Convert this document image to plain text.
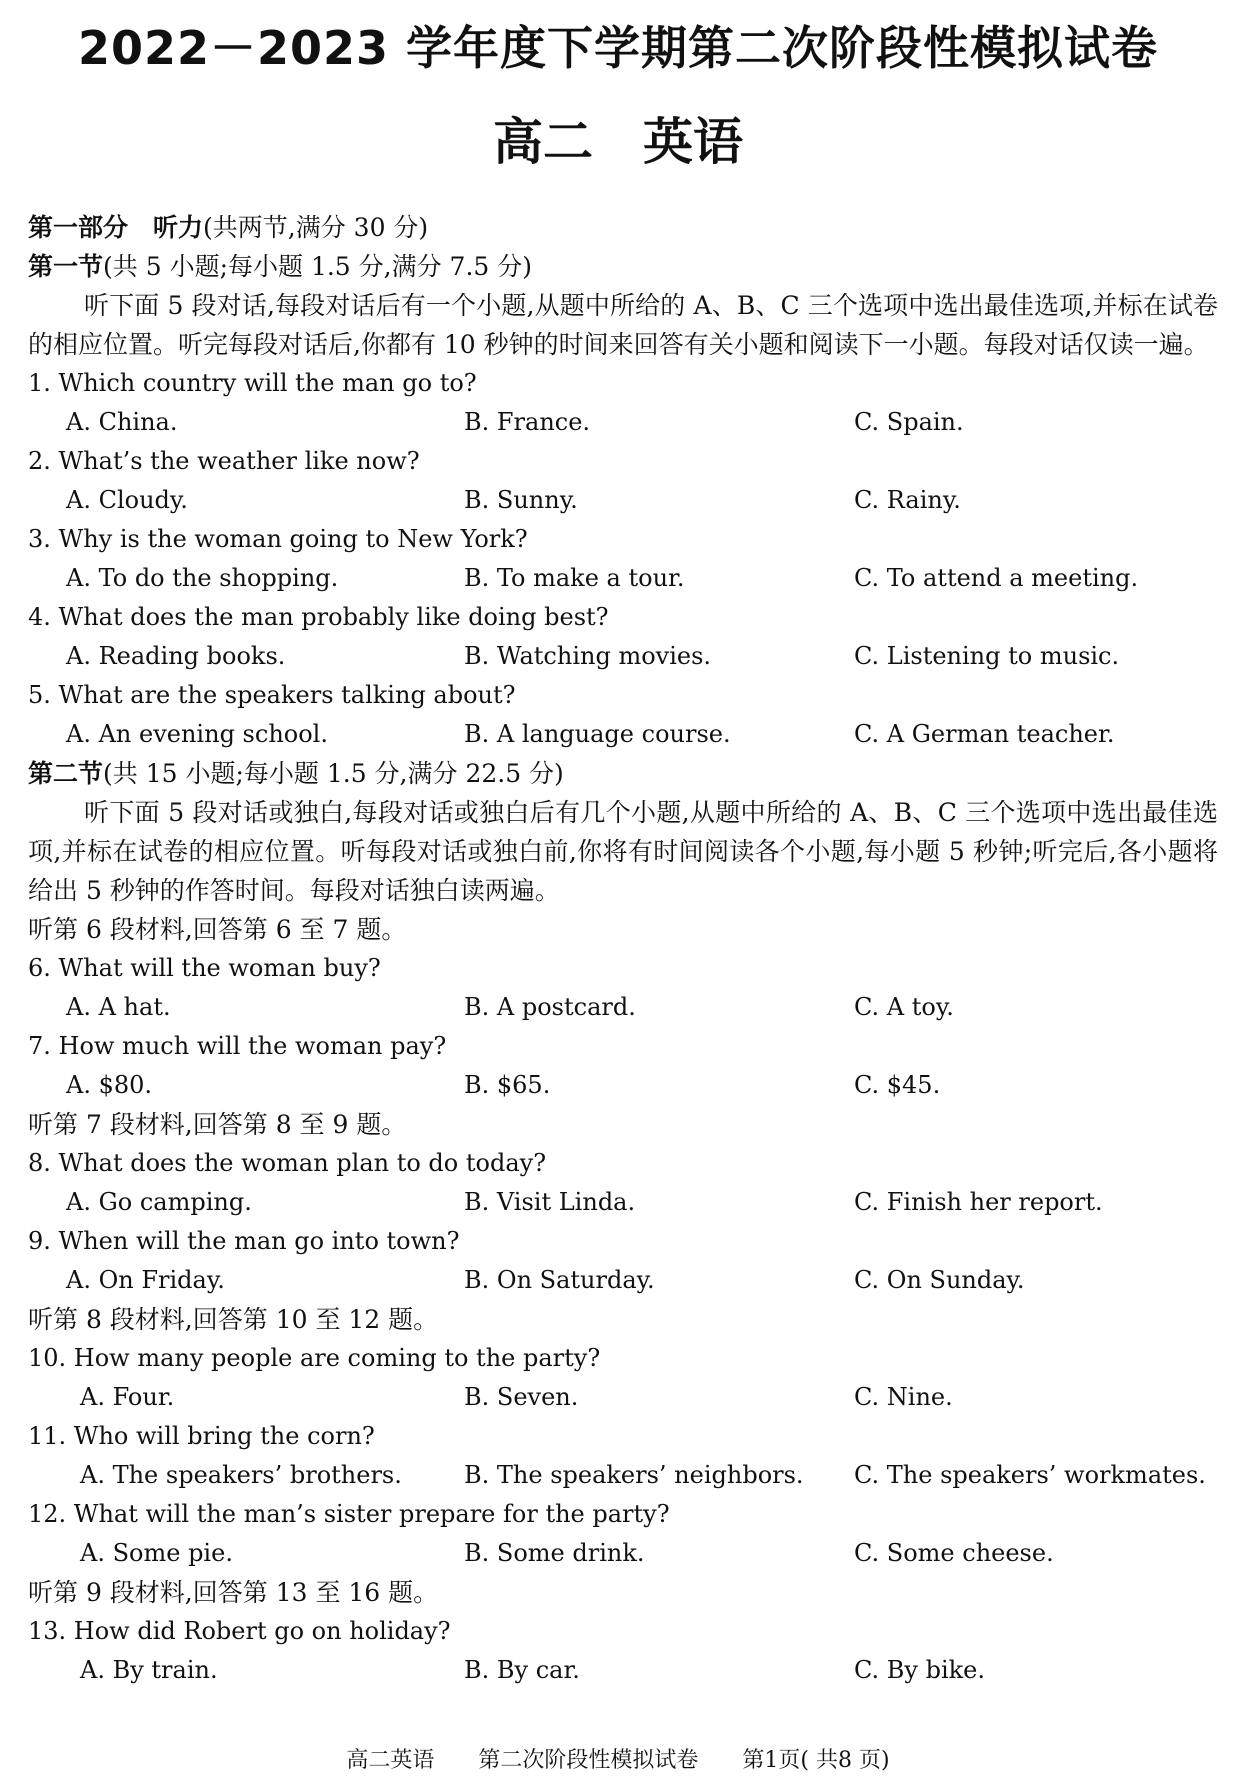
2022－2023 学年度下学期第二次阶段性模拟试卷
高二　英语
第一部分　听力(共两节,满分 30 分)
第一节(共 5 小题;每小题 1.5 分,满分 7.5 分)
听下面 5 段对话,每段对话后有一个小题,从题中所给的 A、B、C 三个选项中选出最佳选项,并标在试卷的相应位置。听完每段对话后,你都有 10 秒钟的时间来回答有关小题和阅读下一小题。每段对话仅读一遍。
1. Which country will the man go to?
A. China.	B. France.	C. Spain.
2. What’s the weather like now?
A. Cloudy.	B. Sunny.	C. Rainy.
3. Why is the woman going to New York?
A. To do the shopping.	B. To make a tour.	C. To attend a meeting.
4. What does the man probably like doing best?
A. Reading books.	B. Watching movies.	C. Listening to music.
5. What are the speakers talking about?
A. An evening school.	B. A language course.	C. A German teacher.
第二节(共 15 小题;每小题 1.5 分,满分 22.5 分)
听下面 5 段对话或独白,每段对话或独白后有几个小题,从题中所给的 A、B、C 三个选项中选出最佳选项,并标在试卷的相应位置。听每段对话或独白前,你将有时间阅读各个小题,每小题 5 秒钟;听完后,各小题将给出 5 秒钟的作答时间。每段对话独白读两遍。
听第 6 段材料,回答第 6 至 7 题。
6. What will the woman buy?
A. A hat.	B. A postcard.	C. A toy.
7. How much will the woman pay?
A. $80.	B. $65.	C. $45.
听第 7 段材料,回答第 8 至 9 题。
8. What does the woman plan to do today?
A. Go camping.	B. Visit Linda.	C. Finish her report.
9. When will the man go into town?
A. On Friday.	B. On Saturday.	C. On Sunday.
听第 8 段材料,回答第 10 至 12 题。
10. How many people are coming to the party?
A. Four.	B. Seven.	C. Nine.
11. Who will bring the corn?
A. The speakers’ brothers.	B. The speakers’ neighbors. C. The speakers’ workmates.
12. What will the man’s sister prepare for the party?
A. Some pie.	B. Some drink.	C. Some cheese.
听第 9 段材料,回答第 13 至 16 题。
13. How did Robert go on holiday?
A. By train.	B. By car.	C. By bike.
高二英语　　第二次阶段性模拟试卷　　第1页( 共8 页)
